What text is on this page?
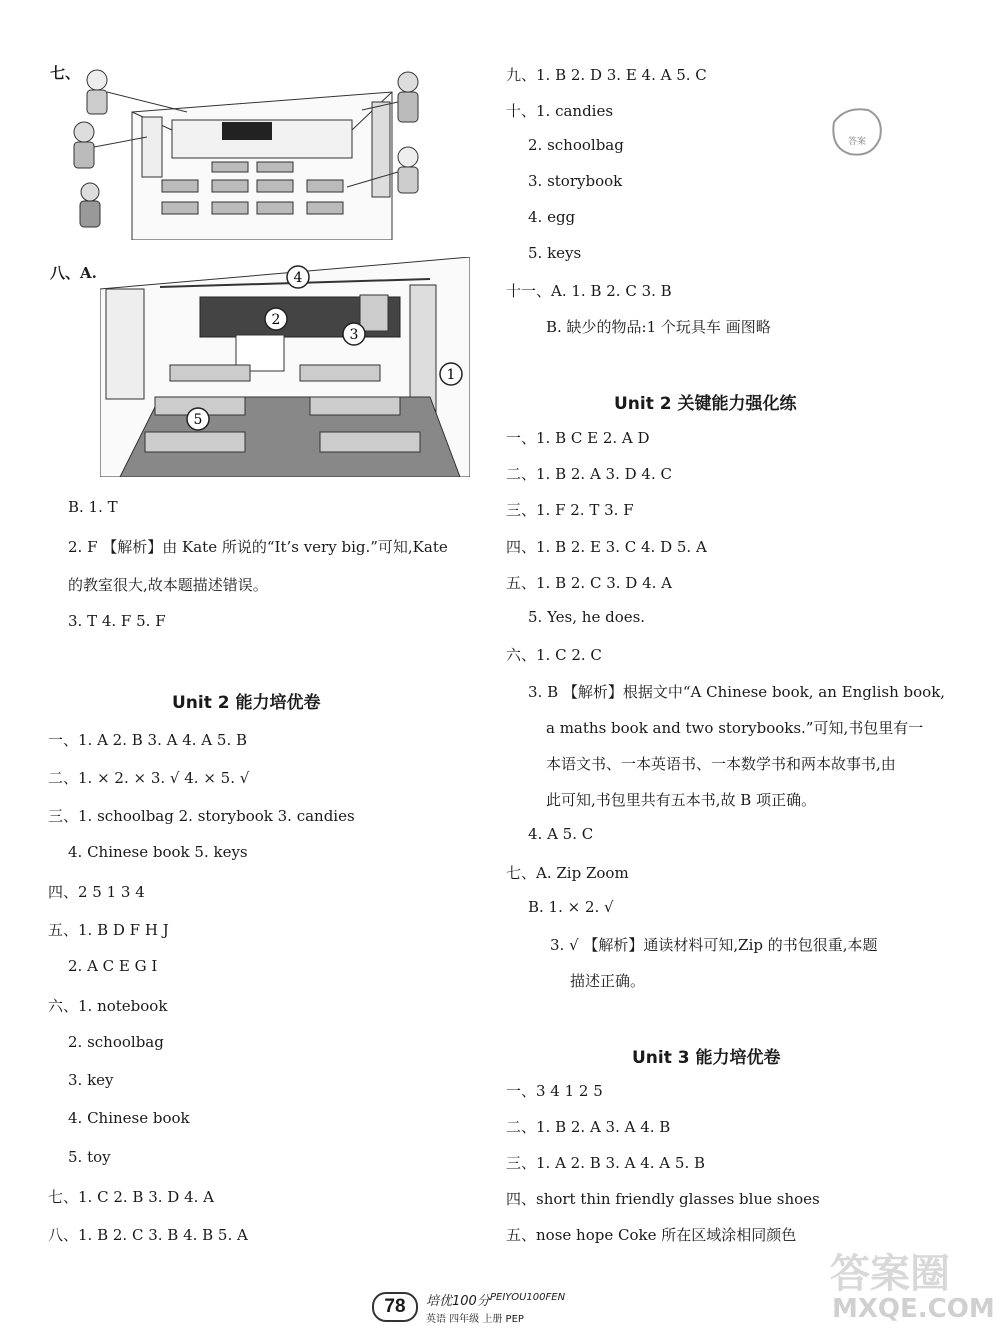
七、
八、A.
1
2
3
4
5
B. 1. T
2. F 【解析】由 Kate 所说的“It’s very big.”可知,Kate
的教室很大,故本题描述错误。
3. T 4. F 5. F
Unit 2 能力培优卷
一、1. A 2. B 3. A 4. A 5. B
二、1. × 2. × 3. √ 4. × 5. √
三、1. schoolbag 2. storybook 3. candies
4. Chinese book 5. keys
四、2 5 1 3 4
五、1. B D F H J
2. A C E G I
六、1. notebook
2. schoolbag
3. key
4. Chinese book
5. toy
七、1. C 2. B 3. D 4. A
八、1. B 2. C 3. B 4. B 5. A
九、1. B 2. D 3. E 4. A 5. C
十、1. candies
2. schoolbag
3. storybook
4. egg
5. keys
十一、A. 1. B 2. C 3. B
B. 缺少的物品:1 个玩具车 画图略
答案
Unit 2 关键能力强化练
一、1. B C E 2. A D
二、1. B 2. A 3. D 4. C
三、1. F 2. T 3. F
四、1. B 2. E 3. C 4. D 5. A
五、1. B 2. C 3. D 4. A
5. Yes, he does.
六、1. C 2. C
3. B 【解析】根据文中“A Chinese book, an English book,
a maths book and two storybooks.”可知,书包里有一
本语文书、一本英语书、一本数学书和两本故事书,由
此可知,书包里共有五本书,故 B 项正确。
4. A 5. C
七、A. Zip Zoom
B. 1. × 2. √
3. √ 【解析】通读材料可知,Zip 的书包很重,本题
描述正确。
Unit 3 能力培优卷
一、3 4 1 2 5
二、1. B 2. A 3. A 4. B
三、1. A 2. B 3. A 4. A 5. B
四、short thin friendly glasses blue shoes
五、nose hope Coke 所在区域涂相同颜色
78	培优100分 PEIYOU100FEN
英语 四年级 上册 PEP
答案圈
MXQE.COM
